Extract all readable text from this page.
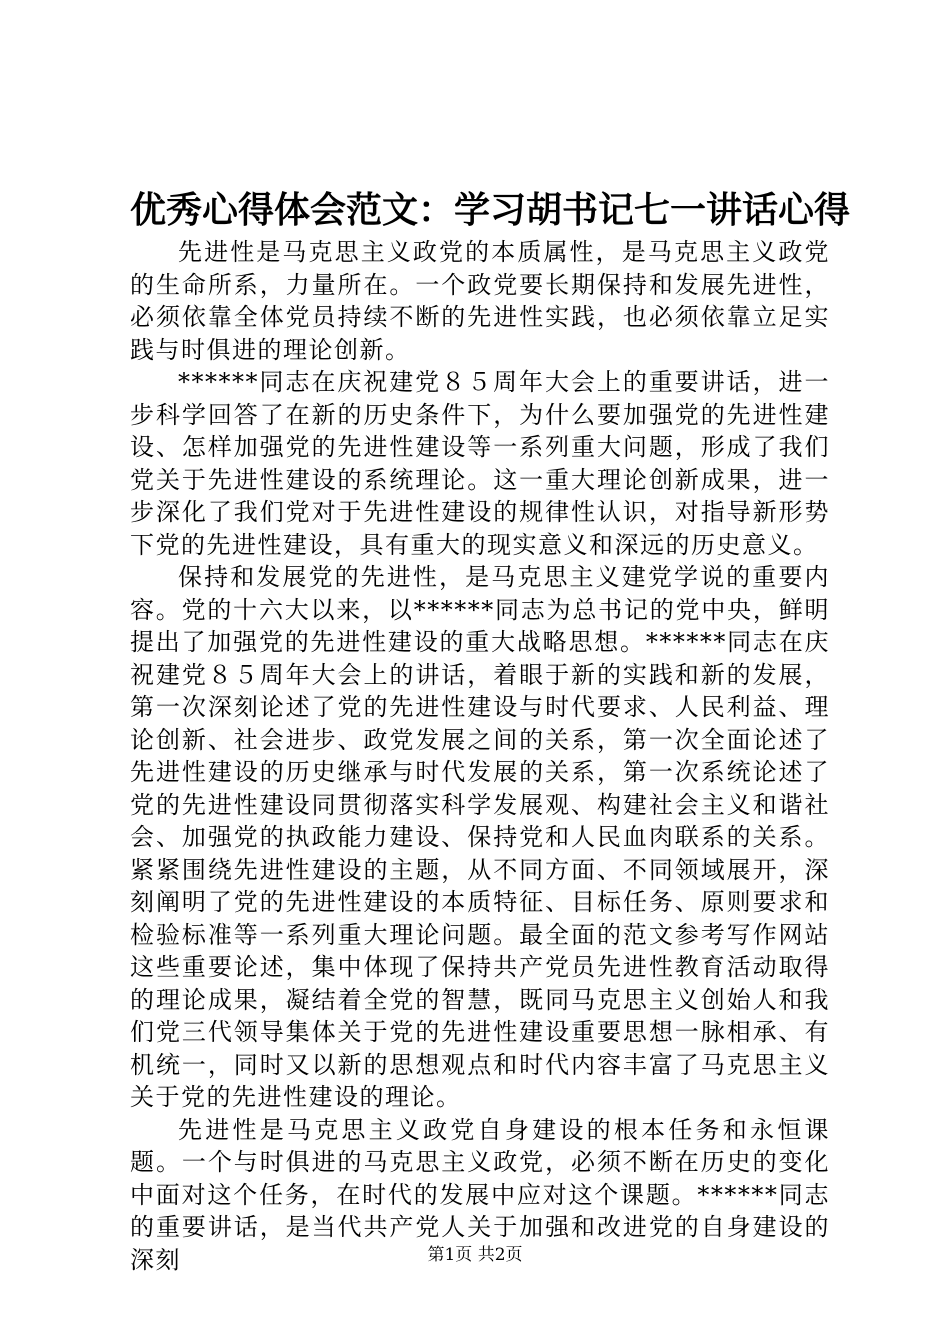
优秀心得体会范文：学习胡书记七一讲话心得

先进性是马克思主义政党的本质属性，是马克思主义政党的生命所系，力量所在。一个政党要长期保持和发展先进性，必须依靠全体党员持续不断的先进性实践，也必须依靠立足实践与时俱进的理论创新。

******同志在庆祝建党８５周年大会上的重要讲话，进一步科学回答了在新的历史条件下，为什么要加强党的先进性建设、怎样加强党的先进性建设等一系列重大问题，形成了我们党关于先进性建设的系统理论。这一重大理论创新成果，进一步深化了我们党对于先进性建设的规律性认识，对指导新形势下党的先进性建设，具有重大的现实意义和深远的历史意义。

保持和发展党的先进性，是马克思主义建党学说的重要内容。党的十六大以来，以******同志为总书记的党中央，鲜明提出了加强党的先进性建设的重大战略思想。******同志在庆祝建党８５周年大会上的讲话，着眼于新的实践和新的发展，第一次深刻论述了党的先进性建设与时代要求、人民利益、理论创新、社会进步、政党发展之间的关系，第一次全面论述了先进性建设的历史继承与时代发展的关系，第一次系统论述了党的先进性建设同贯彻落实科学发展观、构建社会主义和谐社会、加强党的执政能力建设、保持党和人民血肉联系的关系。紧紧围绕先进性建设的主题，从不同方面、不同领域展开，深刻阐明了党的先进性建设的本质特征、目标任务、原则要求和检验标准等一系列重大理论问题。最全面的范文参考写作网站这些重要论述，集中体现了保持共产党员先进性教育活动取得的理论成果，凝结着全党的智慧，既同马克思主义创始人和我们党三代领导集体关于党的先进性建设重要思想一脉相承、有机统一，同时又以新的思想观点和时代内容丰富了马克思主义关于党的先进性建设的理论。

先进性是马克思主义政党自身建设的根本任务和永恒课题。一个与时俱进的马克思主义政党，必须不断在历史的变化中面对这个任务，在时代的发展中应对这个课题。******同志的重要讲话，是当代共产党人关于加强和改进党的自身建设的深刻	第1页 共2页
